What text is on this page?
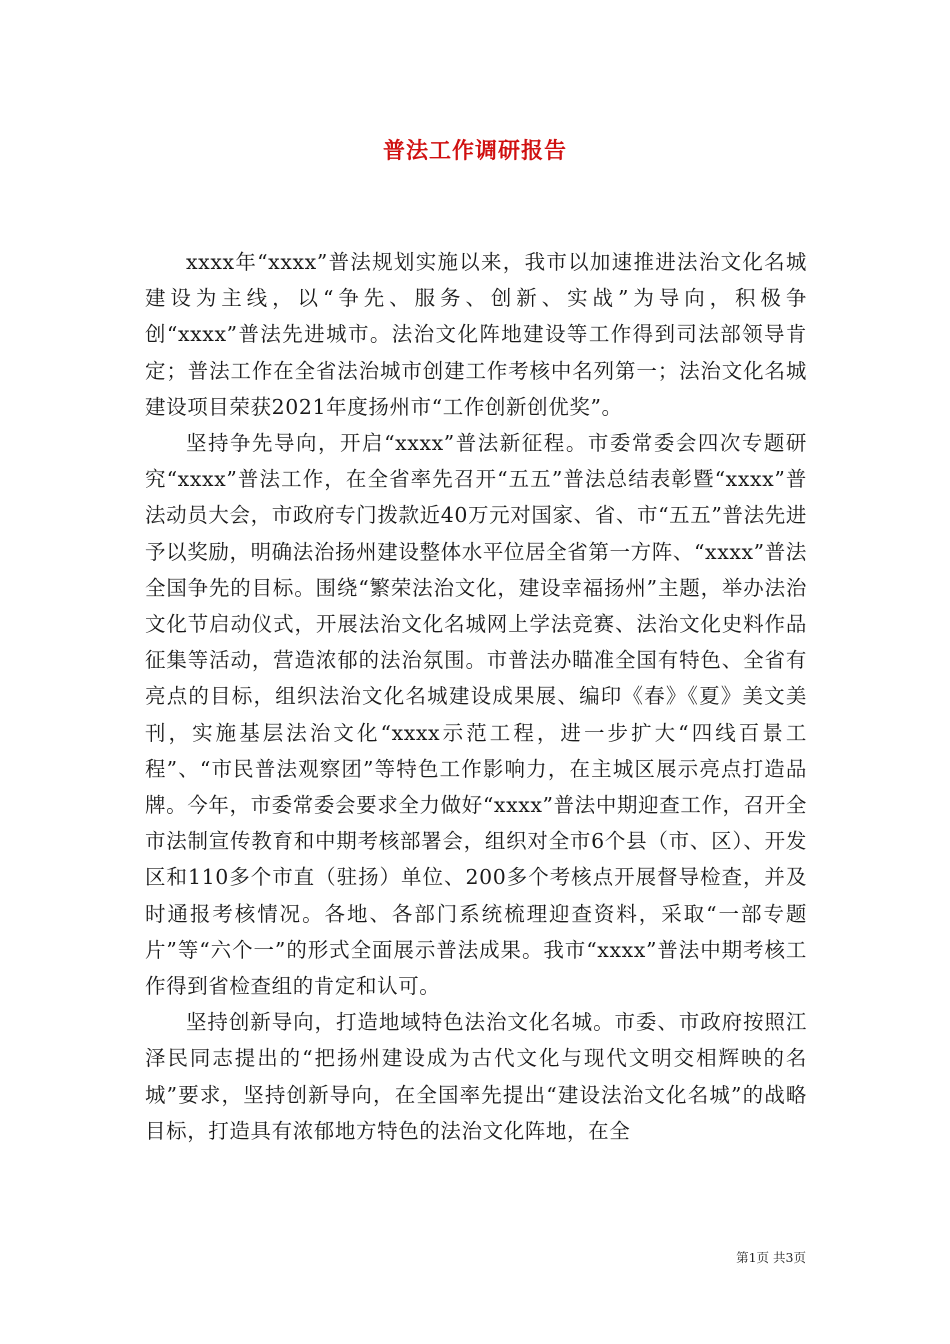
普法工作调研报告

xxxx年“xxxx”普法规划实施以来，我市以加速推进法治文化名城建设为主线，以“争先、服务、创新、实战”为导向，积极争创“xxxx”普法先进城市。法治文化阵地建设等工作得到司法部领导肯定；普法工作在全省法治城市创建工作考核中名列第一；法治文化名城建设项目荣获2021年度扬州市“工作创新创优奖”。

坚持争先导向，开启“xxxx”普法新征程。市委常委会四次专题研究“xxxx”普法工作，在全省率先召开“五五”普法总结表彰暨“xxxx”普法动员大会，市政府专门拨款近40万元对国家、省、市“五五”普法先进予以奖励，明确法治扬州建设整体水平位居全省第一方阵、“xxxx”普法全国争先的目标。围绕“繁荣法治文化，建设幸福扬州”主题，举办法治文化节启动仪式，开展法治文化名城网上学法竞赛、法治文化史料作品征集等活动，营造浓郁的法治氛围。市普法办瞄准全国有特色、全省有亮点的目标，组织法治文化名城建设成果展、编印《春》《夏》美文美刊，实施基层法治文化“xxxx示范工程，进一步扩大“四线百景工程”、“市民普法观察团”等特色工作影响力，在主城区展示亮点打造品牌。今年，市委常委会要求全力做好“xxxx”普法中期迎查工作，召开全市法制宣传教育和中期考核部署会，组织对全市6个县（市、区）、开发区和110多个市直（驻扬）单位、200多个考核点开展督导检查，并及时通报考核情况。各地、各部门系统梳理迎查资料，采取“一部专题片”等“六个一”的形式全面展示普法成果。我市“xxxx”普法中期考核工作得到省检查组的肯定和认可。

坚持创新导向，打造地域特色法治文化名城。市委、市政府按照江泽民同志提出的“把扬州建设成为古代文化与现代文明交相辉映的名城”要求，坚持创新导向，在全国率先提出“建设法治文化名城”的战略目标，打造具有浓郁地方特色的法治文化阵地，在全

第1页 共3页
